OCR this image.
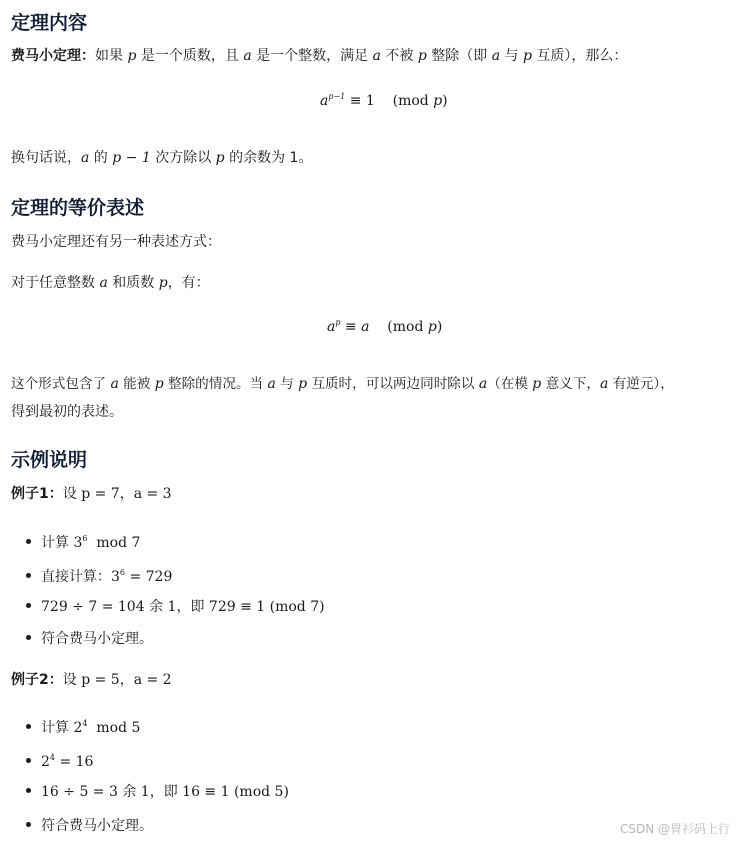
定理内容
费马小定理：如果 p 是一个质数，且 a 是一个整数，满足 a 不被 p 整除（即 a 与 p 互质），那么：
$a^{p-1} \equiv 1$    (mod p)
换句话说，a 的 p − 1 次方除以 p 的余数为 1。
定理的等价表述
费马小定理还有另一种表述方式：
对于任意整数 a 和质数 p，有：
$a^p \equiv a$    (mod p)
这个形式包含了 a 能被 p 整除的情况。当 a 与 p 互质时，可以两边同时除以 a（在模 p 意义下，a 有逆元），
得到最初的表述。
示例说明
例子1：设 p = 7，a = 3
计算 $3^6$  mod 7
直接计算：$3^6 = 729$
729 ÷ 7 = 104 余 1，即 729 ≡ 1 (mod 7)
符合费马小定理。
例子2：设 p = 5，a = 2
计算 $2^4$  mod 5
$2^4 = 16$
16 ÷ 5 = 3 余 1，即 16 ≡ 1 (mod 5)
符合费马小定理。	CSDN @胃衫码上行
